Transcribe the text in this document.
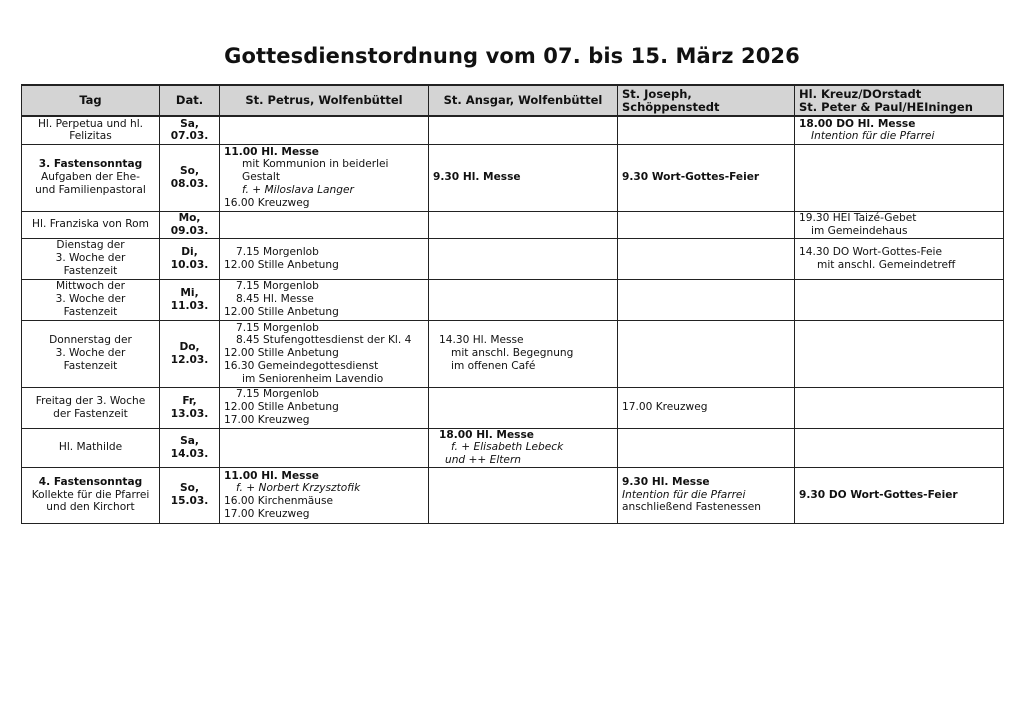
Gottesdienstordnung vom 07. bis 15. März 2026
Tag	Dat.	St. Petrus, Wolfenbüttel	St. Ansgar, Wolfenbüttel	St. Joseph,
Schöppenstedt	Hl. Kreuz/DOrstadt
St. Peter & Paul/HEIningen

Hl. Perpetua und hl.
Felizitas	Sa,
07.03.				18.00 DO Hl. Messe
Intention für die Pfarrei

3. Fastensonntag
Aufgaben der Ehe-
und Familienpastoral	So,
08.03.	11.00 Hl. Messe
mit Kommunion in beiderlei
Gestalt
f. + Miloslava Langer
16.00 Kreuzweg	9.30 Hl. Messe	9.30 Wort-Gottes-Feier	

Hl. Franziska von Rom	Mo,
09.03.				19.30 HEI Taizé-Gebet
im Gemeindehaus

Dienstag der
3. Woche der
Fastenzeit	Di,
10.03.	7.15 Morgenlob
12.00 Stille Anbetung			14.30 DO Wort-Gottes-Feie
mit anschl. Gemeindetreff

Mittwoch der
3. Woche der
Fastenzeit	Mi,
11.03.	7.15 Morgenlob
8.45 Hl. Messe
12.00 Stille Anbetung			

Donnerstag der
3. Woche der
Fastenzeit	Do,
12.03.	7.15 Morgenlob
8.45 Stufengottesdienst der Kl. 4
12.00 Stille Anbetung
16.30 Gemeindegottesdienst
im Seniorenheim Lavendio	14.30 Hl. Messe
mit anschl. Begegnung
im offenen Café		

Freitag der 3. Woche
der Fastenzeit	Fr,
13.03.	7.15 Morgenlob
12.00 Stille Anbetung
17.00 Kreuzweg		17.00 Kreuzweg	

Hl. Mathilde	Sa,
14.03.		18.00 Hl. Messe
f. + Elisabeth Lebeck
und ++ Eltern		

4. Fastensonntag
Kollekte für die Pfarrei
und den Kirchort	So,
15.03.	11.00 Hl. Messe
f. + Norbert Krzysztofik
16.00 Kirchenmäuse
17.00 Kreuzweg		9.30 Hl. Messe
Intention für die Pfarrei
anschließend Fastenessen	9.30 DO Wort-Gottes-Feier
